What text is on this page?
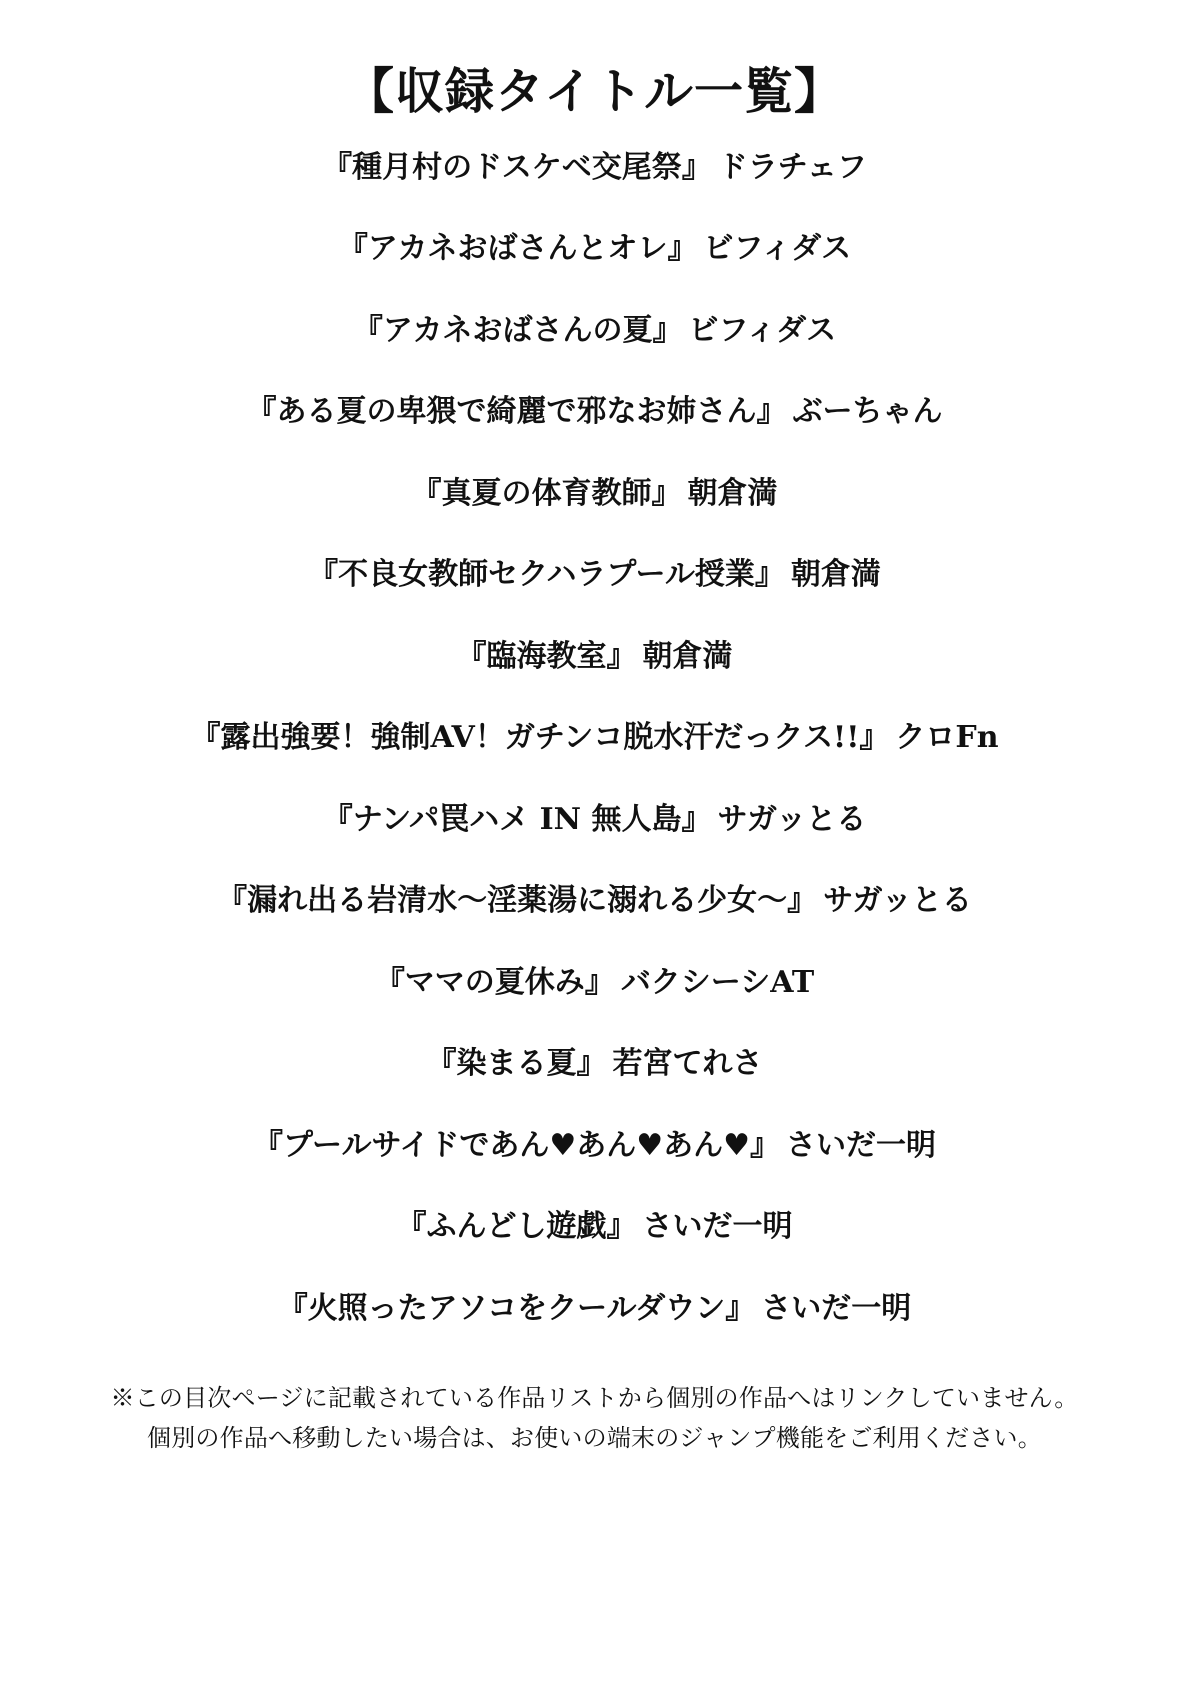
【収録タイトル一覧】
『種月村のドスケベ交尾祭』 ドラチェフ
『アカネおばさんとオレ』 ビフィダス
『アカネおばさんの夏』 ビフィダス
『ある夏の卑猥で綺麗で邪なお姉さん』 ぶーちゃん
『真夏の体育教師』 朝倉満
『不良女教師セクハラプール授業』 朝倉満
『臨海教室』 朝倉満
『露出強要！強制AV！ガチンコ脱水汗だっクス!!』 クロFn
『ナンパ罠ハメ IN 無人島』 サガッとる
『漏れ出る岩清水〜淫薬湯に溺れる少女〜』 サガッとる
『ママの夏休み』 バクシーシAT
『染まる夏』 若宮てれさ
『プールサイドであん♥あん♥あん♥』 さいだ一明
『ふんどし遊戯』 さいだ一明
『火照ったアソコをクールダウン』 さいだ一明
※この目次ページに記載されている作品リストから個別の作品へはリンクしていません。
個別の作品へ移動したい場合は、お使いの端末のジャンプ機能をご利用ください。
